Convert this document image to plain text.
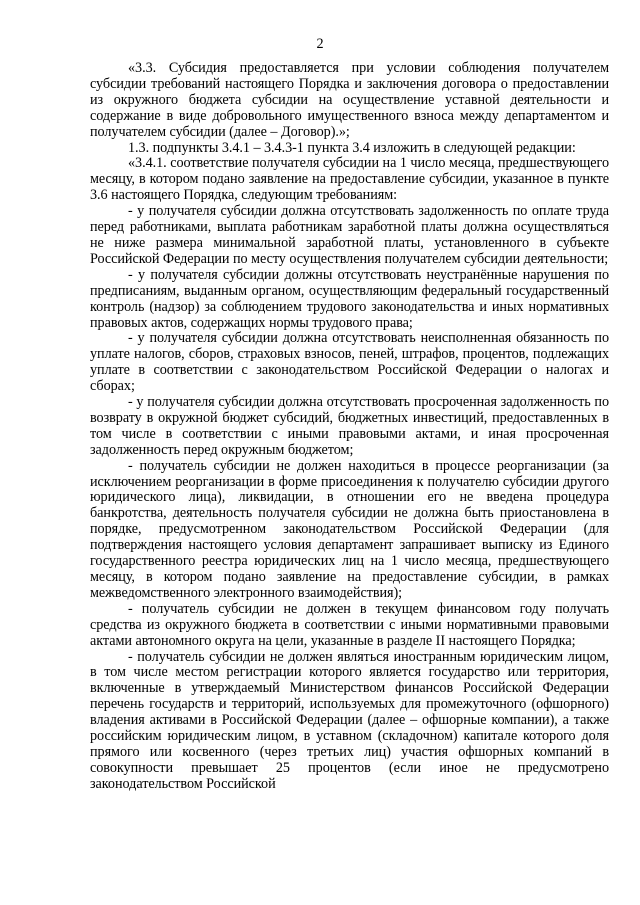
2

«3.3. Субсидия предоставляется при условии соблюдения получателем субсидии требований настоящего Порядка и заключения договора о предоставлении из окружного бюджета субсидии на осуществление уставной деятельности и содержание в виде добровольного имущественного взноса между департаментом и получателем субсидии (далее – Договор).»;

1.3. подпункты 3.4.1 – 3.4.3-1 пункта 3.4 изложить в следующей редакции:

«3.4.1. соответствие получателя субсидии на 1 число месяца, предшествующего месяцу, в котором подано заявление на предоставление субсидии, указанное в пункте 3.6 настоящего Порядка, следующим требованиям:

- у получателя субсидии должна отсутствовать задолженность по оплате труда перед работниками, выплата работникам заработной платы должна осуществляться не ниже размера минимальной заработной платы, установленного в субъекте Российской Федерации по месту осуществления получателем субсидии деятельности;

- у получателя субсидии должны отсутствовать неустранённые нарушения по предписаниям, выданным органом, осуществляющим федеральный государственный контроль (надзор) за соблюдением трудового законодательства и иных нормативных правовых актов, содержащих нормы трудового права;

- у получателя субсидии должна отсутствовать неисполненная обязанность по уплате налогов, сборов, страховых взносов, пеней, штрафов, процентов, подлежащих уплате в соответствии с законодательством Российской Федерации о налогах и сборах;

- у получателя субсидии должна отсутствовать просроченная задолженность по возврату в окружной бюджет субсидий, бюджетных инвестиций, предоставленных в том числе в соответствии с иными правовыми актами, и иная просроченная задолженность перед окружным бюджетом;

- получатель субсидии не должен находиться в процессе реорганизации (за исключением реорганизации в форме присоединения к получателю субсидии другого юридического лица), ликвидации, в отношении его не введена процедура банкротства, деятельность получателя субсидии не должна быть приостановлена в порядке, предусмотренном законодательством Российской Федерации (для подтверждения настоящего условия департамент запрашивает выписку из Единого государственного реестра юридических лиц на 1 число месяца, предшествующего месяцу, в котором подано заявление на предоставление субсидии, в рамках межведомственного электронного взаимодействия);

- получатель субсидии не должен в текущем финансовом году получать средства из окружного бюджета в соответствии с иными нормативными правовыми актами автономного округа на цели, указанные в разделе II настоящего Порядка;

- получатель субсидии не должен являться иностранным юридическим лицом, в том числе местом регистрации которого является государство или территория, включенные в утверждаемый Министерством финансов Российской Федерации перечень государств и территорий, используемых для промежуточного (офшорного) владения активами в Российской Федерации (далее – офшорные компании), а также российским юридическим лицом, в уставном (складочном) капитале которого доля прямого или косвенного (через третьих лиц) участия офшорных компаний в совокупности превышает 25 процентов (если иное не предусмотрено законодательством Российской
